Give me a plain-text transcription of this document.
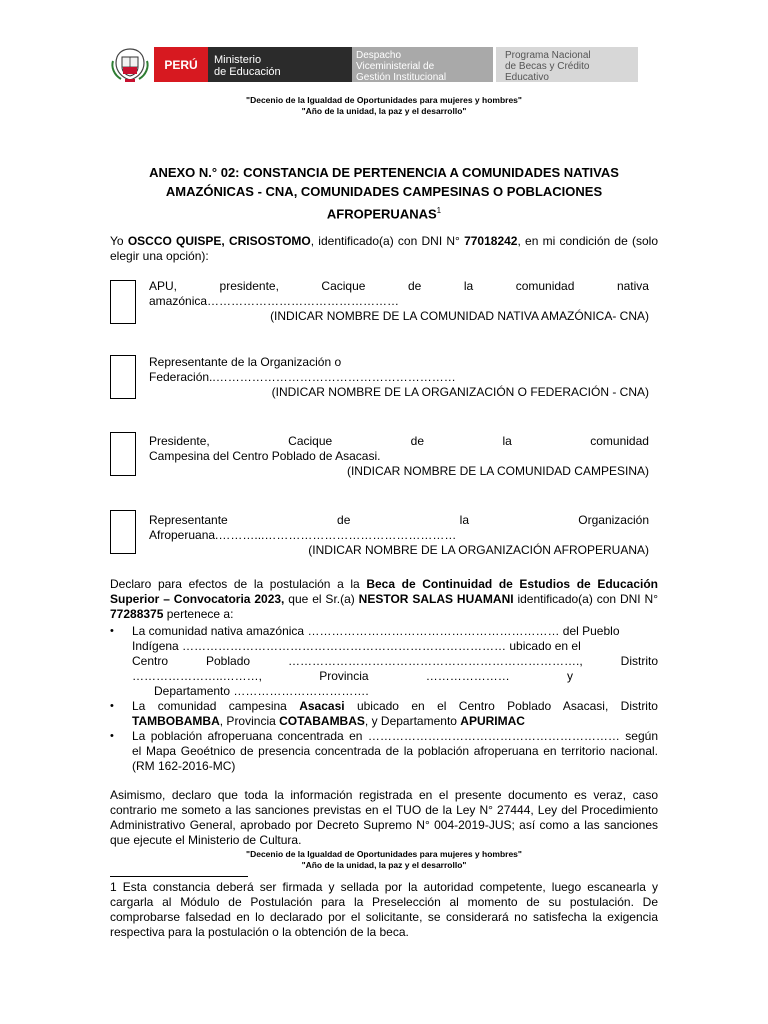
PERÚ Ministerio
de Educación
Despacho
Viceministerial de
Gestión Institucional
Programa Nacional
de Becas y Crédito
Educativo
"Decenio de la Igualdad de Oportunidades para mujeres y hombres"
"Año de la unidad, la paz y el desarrollo"
ANEXO N.° 02: CONSTANCIA DE PERTENENCIA A COMUNIDADES NATIVAS
AMAZÓNICAS - CNA, COMUNIDADES CAMPESINAS O POBLACIONES
AFROPERUANAS$^1$
Yo OSCCO QUISPE, CRISOSTOMO, identificado(a) con DNI N° 77018242, en mi condición de (solo elegir una opción):
APU,	presidente,	Cacique	de	la	comunidad	nativa
amazónica…………………………………………
(INDICAR NOMBRE DE LA COMUNIDAD NATIVA AMAZÓNICA- CNA)
Representante de la Organización o
Federación..……………………………………………………
(INDICAR NOMBRE DE LA ORGANIZACIÓN O FEDERACIÓN - CNA)
Presidente,	Cacique	de	la	comunidad
Campesina del Centro Poblado de Asacasi.
(INDICAR NOMBRE DE LA COMUNIDAD CAMPESINA)
Representante	de	la	Organización
Afroperuana.………...…………………………………………
(INDICAR NOMBRE DE LA ORGANIZACIÓN AFROPERUANA)
Declaro para efectos de la postulación a la Beca de Continuidad de Estudios de Educación Superior – Convocatoria 2023, que el Sr.(a) NESTOR SALAS HUAMANI identificado(a) con DNI N° 77288375 pertenece a:
•	La comunidad nativa amazónica ……………………………………………………… del Pueblo
Indígena ……………………………………………………………………… ubicado en el
Centro	Poblado	……………………………………………………………….,	Distrito
…………………..………,	Provincia	…………………	y
Departamento …………………………….
•	La comunidad campesina Asacasi ubicado en el Centro Poblado Asacasi, Distrito TAMBOBAMBA, Provincia COTABAMBAS, y Departamento APURIMAC
•	La población afroperuana concentrada en ……………………………………………………… según el Mapa Geoétnico de presencia concentrada de la población afroperuana en territorio nacional. (RM 162-2016-MC)
Asimismo, declaro que toda la información registrada en el presente documento es veraz, caso contrario me someto a las sanciones previstas en el TUO de la Ley N° 27444, Ley del Procedimiento Administrativo General, aprobado por Decreto Supremo N° 004-2019-JUS; así como a las sanciones que ejecute el Ministerio de Cultura.
"Decenio de la Igualdad de Oportunidades para mujeres y hombres"
"Año de la unidad, la paz y el desarrollo"
1 Esta constancia deberá ser firmada y sellada por la autoridad competente, luego escanearla y cargarla al Módulo de Postulación para la Preselección al momento de su postulación. De comprobarse falsedad en lo declarado por el solicitante, se considerará no satisfecha la exigencia respectiva para la postulación o la obtención de la beca.
